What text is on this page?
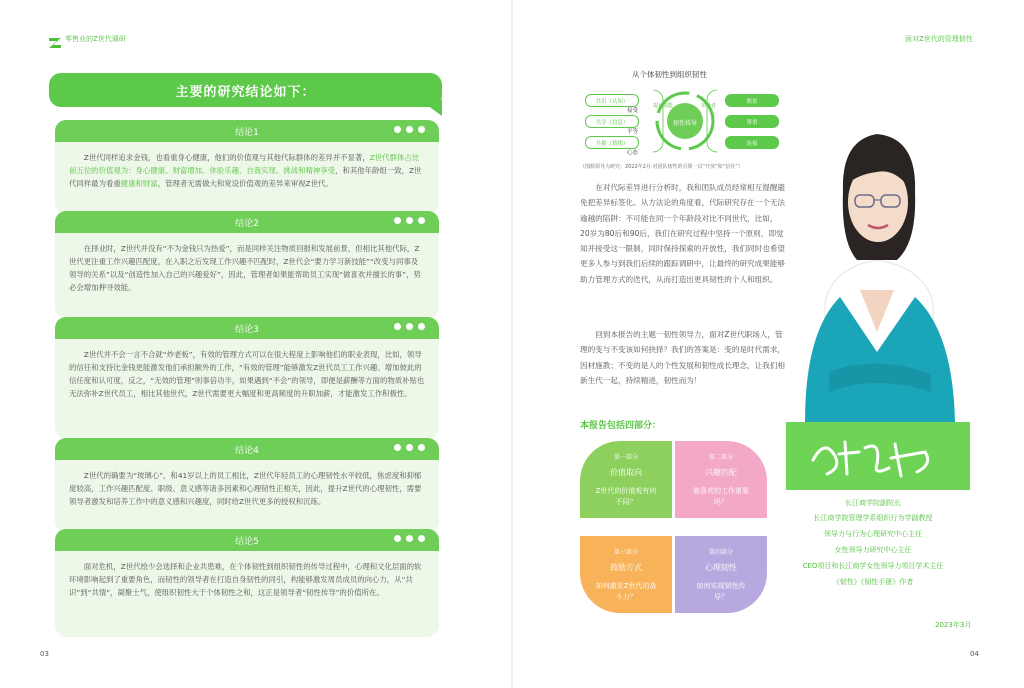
零售业的Z世代调研	面对Z世代的管理韧性
主要的研究结论如下：
结论1
Z世代同样追求金钱，也看重身心健康，他们的价值观与其他代际群体的差异并不显著，Z世代群体占比前五位的价值观为：身心健康、财富增加、休验乐趣、自我实现、挑战和精神享受，和其他年龄组一致，Z世代同样最为看重健康和财富，管理者无需做大和宽设价值观的差异来审视Z世代。
结论2
在择业时，Z世代并没有“不为金钱只为热爱”，而是同样关注物质回报和发展前景，但相比其他代际，Z世代更注重工作兴趣匹配度，在入职之后发现工作兴趣不匹配时，Z世代会“要力学习新技能”“改变与同事及领导的关系”以及“创造性加入自己的兴趣爱好”，因此，管理者如果能帮助员工实现“做喜欢并擅长的事”，势必会增加押寻效能。
结论3
Z世代并不会一言不合就“炒老板”，有效的管理方式可以在很大程度上影响他们的职业表现，比如，领导的信任和支持比金钱更能激发他们承担额外的工作，“有效的管理”能够激发Z世代员工工作兴趣、增加彼此的信任度和认可度，反之，“无效的管理”则事倍功半，如果遇到“不会”的领导，即便是薪酬等方面的物质补贴也无法弥补Z世代员工，相比其他世代，Z世代需要更大幅度和更高频度的升职加薪，才能激发工作积极性。
结论4
Z世代的确要为“玻璃心”，和41岁以上的员工相比，Z世代年轻员工的心理韧性水平较低，焦虑度和抑郁度较高，工作兴趣匹配度、职级、意义感等诸多因素和心理韧性正相关，因此，提升Z世代的心理韧性，需要领导者激发和培养工作中的意义感和兴趣度，同时给Z世代更多的授权和沉练。
结论5
面对危机，Z世代绘少会选择和企业共患难，在个体韧性到组织韧性的传导过程中，心理和文化层面的软环境影响起到了重要角色，而韧性的领导者在打造自身韧性的同引，构能够激发周员成员的向心力，从“共识”到“共情”，凝聚士气，使组织韧性大于个体韧性之和，这正是领导者“韧性传导”的价值所在。
03
从个体韧性到组织韧性
共识（认知）
接受
共享（信息）
平等
共振（情绪）
心态
提升效能	领导者
韧性传导
愿景
尊重
连接
（图源领导力研究：2022年2月·对团队韧性的引领一以“开放”和“信任”）
在对代际差异进行分析时，我和团队成员经常相互提醒避免把差异标签化。从方法论的角度看，代际研究存在一个无法逾越的陷阱：不可能在同一个年龄段对比不同世代，比如，20岁为80后和90后，我们在研究过程中坚持一个原则，即觉知并接受这一限制，同时保持探索的开放性，我们同时也希望更多人参与到我们后续的跟踪调研中，让最终的研究成果能够助力管理方式的迭代，从而打造出更具韧性的个人和组织。
回到本报告的主题一韧性领导力，面对Z世代职场人，管理的变与不变该如何抉择？我们的答案是：变的是时代需求，因材施教；不变的是人的个性发展和韧性成长理念，让我们相新生代一起，持续精进，韧性而为！
本报告包括四部分：
第一部分
价值取向
Z世代的价值观有何不同？
第二部分
兴趣匹配
做喜欢的工作重要吗？
第三部分
鼓励方式
如何激发Z世代的战斗力？
第四部分
心理韧性
如何实现韧性传导？
长江商学院副院长
长江商学院管理学系组织行为学副教授
领导力与行为心理研究中心主任
女性领导力研究中心主任
CEO项目和长江商学女性领导力项目学术主任
《韧性》《韧性手册》作者
2023年3月
04
